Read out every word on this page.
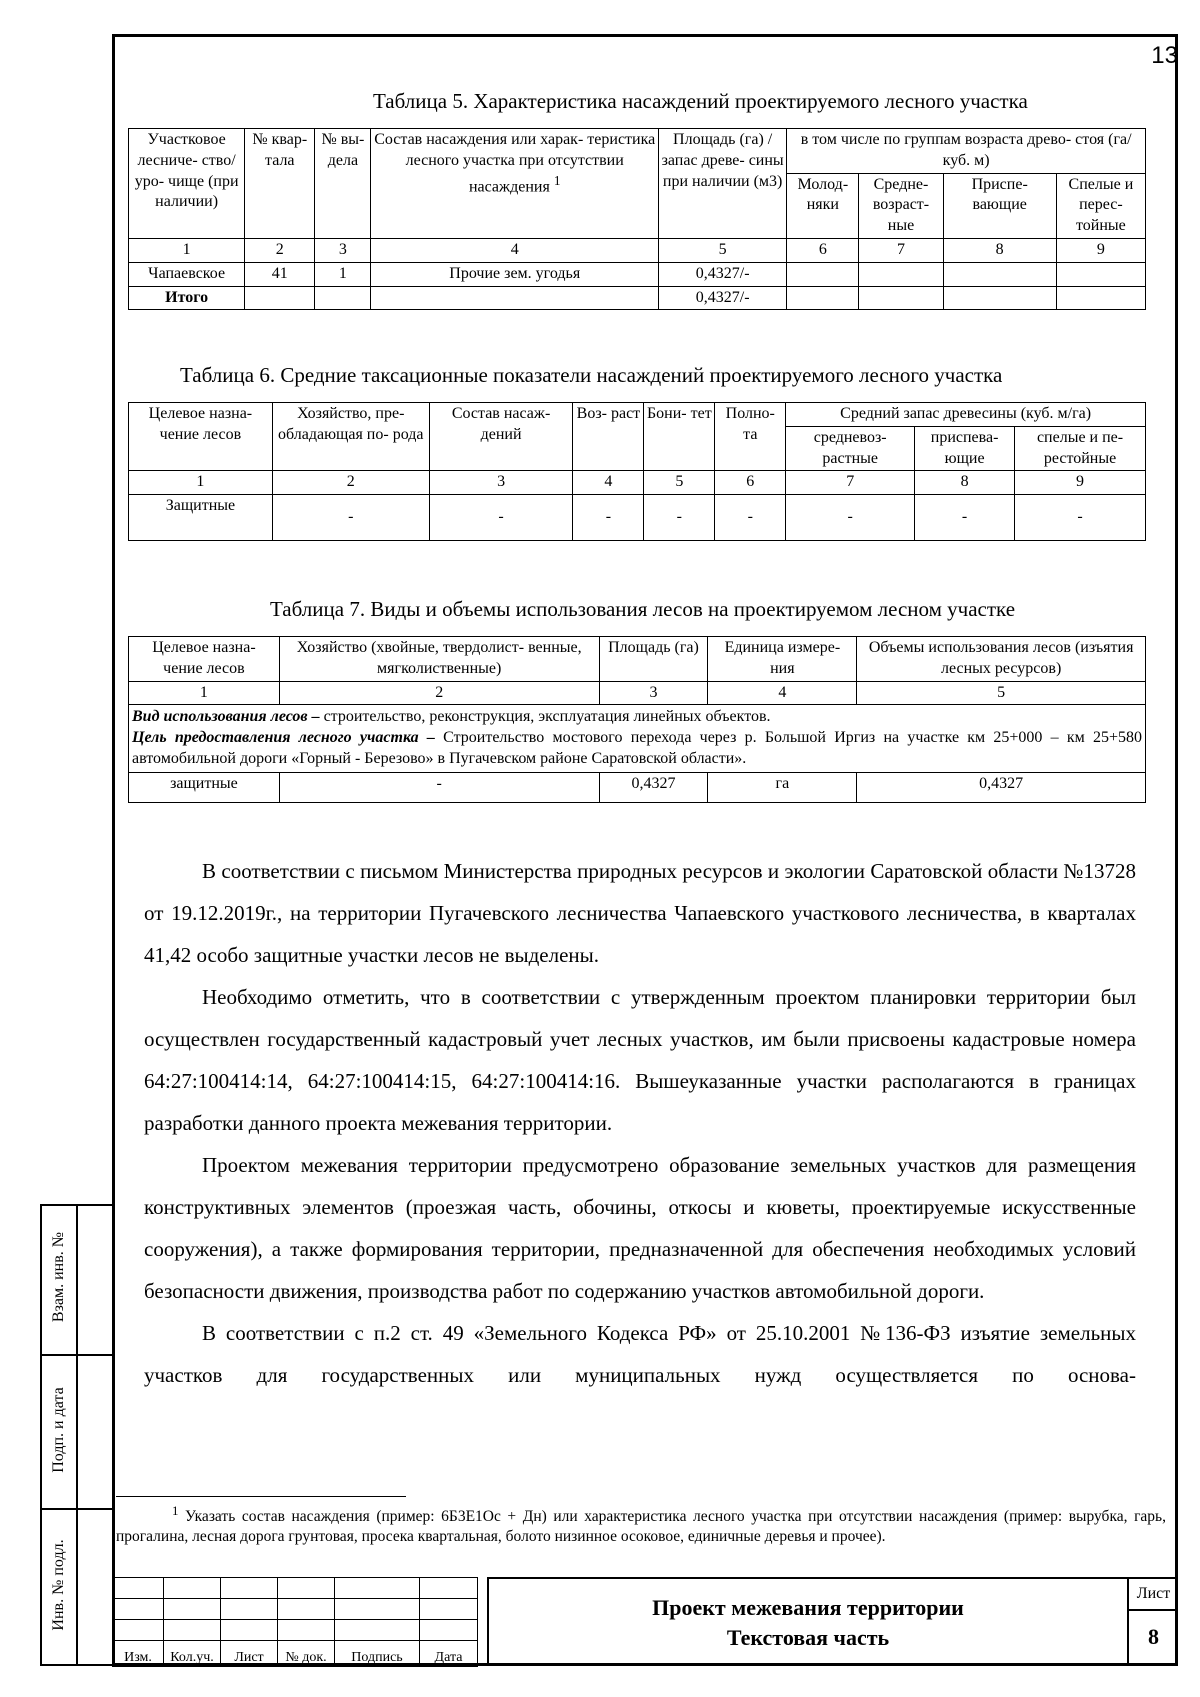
13
Взам. инв. №
Подп. и дата
Инв. № подл.
Таблица 5. Характеристика насаждений проектируемого лесного участка
Участковое лесниче- ство/ уро- чище (при наличии)	№ квар- тала	№ вы- дела	Состав насаждения или харак- теристика лесного участка при отсутствии насаждения $^1$	Площадь (га) / запас древе- сины при наличии (м3)	в том числе по группам возраста древо- стоя (га/куб. м)			
					Молод- няки	Средне- возраст- ные	Приспе- вающие	Спелые и перес- тойные
1	2	3	4	5	6	7	8	9
Чапаевское	41	1	Прочие зем. угодья	0,4327/-				
Итого				0,4327/-				
Таблица 6. Средние таксационные показатели насаждений проектируемого лесного участка
Целевое назна- чение лесов	Хозяйство, пре- обладающая по- рода	Состав насаж- дений	Воз- раст	Бони- тет	Полно- та	Средний запас древесины (куб. м/га)		
						средневоз- растные	приспева- ющие	спелые и пе- рестойные
1	2	3	4	5	6	7	8	9
Защитные	-	-	-	-	-	-	-	-
Таблица 7. Виды и объемы использования лесов на проектируемом лесном участке
Целевое назна- чение лесов	Хозяйство (хвойные, твердолист- венные, мягколиственные)	Площадь (га)	Единица измере- ния	Объемы использования лесов (изъятия лесных ресурсов)
1	2	3	4	5
Вид использования лесов – строительство, реконструкция, эксплуатация линейных объектов.
Цель предоставления лесного участка – Строительство мостового перехода через р. Большой Иргиз на участке км 25+000 – км 25+580 автомобильной дороги «Горный - Березово» в Пугачевском районе Саратовской области».				
защитные	-	0,4327	га	0,4327

В соответствии с письмом Министерства природных ресурсов и экологии Саратовской области №13728 от 19.12.2019г., на территории Пугачевского лесничества Чапаевского участкового лесничества, в кварталах 41,42 особо защитные участки лесов не выделены.

Необходимо отметить, что в соответствии с утвержденным проектом планировки территории был осуществлен государственный кадастровый учет лесных участков, им были присвоены кадастровые номера 64:27:100414:14, 64:27:100414:15, 64:27:100414:16. Вышеуказанные участки располагаются в границах разработки данного проекта межевания территории.

Проектом межевания территории предусмотрено образование земельных участков для размещения конструктивных элементов (проезжая часть, обочины, откосы и кюветы, проектируемые искусственные сооружения), а также формирования территории, предназначенной для обеспечения необходимых условий безопасности движения, производства работ по содержанию участков автомобильной дороги.

В соответствии с п.2 ст. 49 «Земельного Кодекса РФ» от 25.10.2001 №136-ФЗ изъятие земельных участков для государственных или муниципальных нужд осуществляется по основа-

$^1$ Указать состав насаждения (пример: 6Б3Е1Ос + Дн) или характеристика лесного участка при отсутствии насаждения (пример: вырубка, гарь, прогалина, лесная дорога грунтовая, просека квартальная, болото низинное осоковое, единичные деревья и прочее).

Изм.	Кол.уч.	Лист	№ док.	Подпись	Дата
Проект межевания территории
Текстовая часть
Лист
8
